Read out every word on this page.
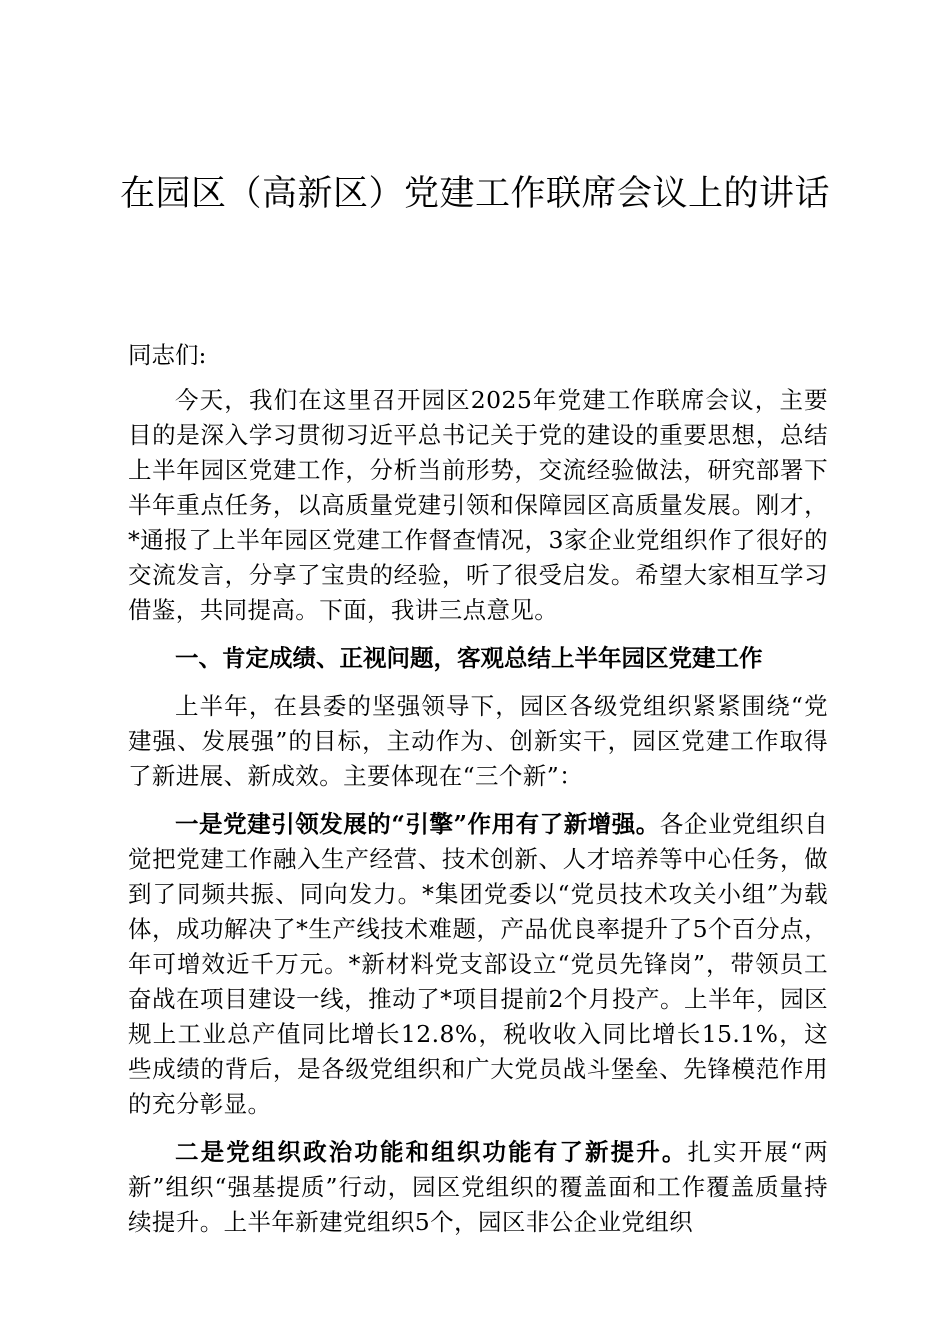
在园区（高新区）党建工作联席会议上的讲话

同志们:

今天，我们在这里召开园区2025年党建工作联席会议，主要目的是深入学习贯彻习近平总书记关于党的建设的重要思想，总结上半年园区党建工作，分析当前形势，交流经验做法，研究部署下半年重点任务，以高质量党建引领和保障园区高质量发展。刚才，*通报了上半年园区党建工作督查情况，3家企业党组织作了很好的交流发言，分享了宝贵的经验，听了很受启发。希望大家相互学习借鉴，共同提高。下面，我讲三点意见。

一、肯定成绩、正视问题，客观总结上半年园区党建工作

上半年，在县委的坚强领导下，园区各级党组织紧紧围绕“党建强、发展强”的目标，主动作为、创新实干，园区党建工作取得了新进展、新成效。主要体现在“三个新”：

一是党建引领发展的“引擎”作用有了新增强。各企业党组织自觉把党建工作融入生产经营、技术创新、人才培养等中心任务，做到了同频共振、同向发力。*集团党委以“党员技术攻关小组”为载体，成功解决了*生产线技术难题，产品优良率提升了5个百分点，年可增效近千万元。*新材料党支部设立“党员先锋岗”，带领员工奋战在项目建设一线，推动了*项目提前2个月投产。上半年，园区规上工业总产值同比增长12.8%，税收收入同比增长15.1%，这些成绩的背后，是各级党组织和广大党员战斗堡垒、先锋模范作用的充分彰显。

二是党组织政治功能和组织功能有了新提升。扎实开展“两新”组织“强基提质”行动，园区党组织的覆盖面和工作覆盖质量持续提升。上半年新建党组织5个，园区非公企业党组织
